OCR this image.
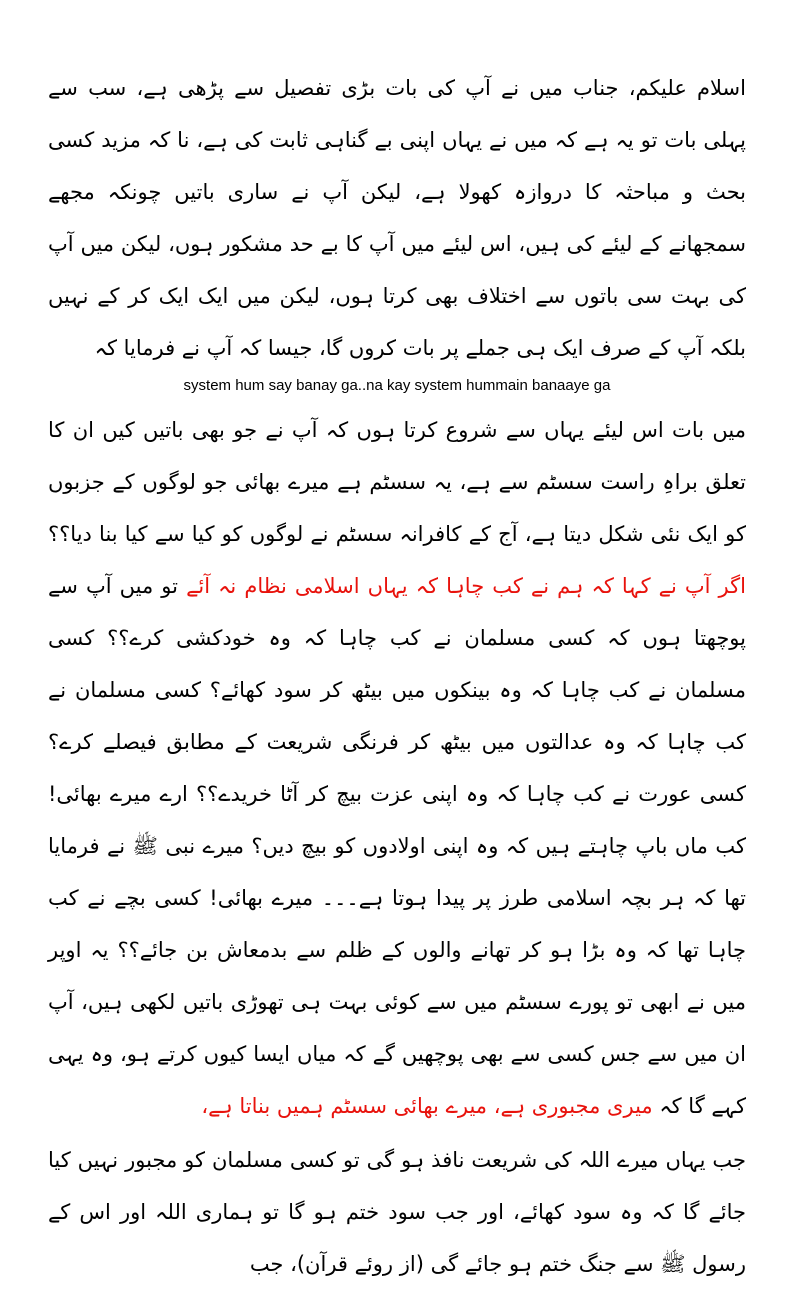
اسلام علیکم، جناب میں نے آپ کی بات بڑی تفصیل سے پڑھی ہے، سب سے پہلی بات تو یہ ہے کہ میں نے یہاں اپنی بے گناہی ثابت کی ہے، نا کہ مزید کسی بحث و مباحثہ کا دروازہ کھولا ہے، لیکن آپ نے ساری باتیں چونکہ مجھے سمجھانے کے لیئے کی ہیں، اس لیئے میں آپ کا بے حد مشکور ہوں، لیکن میں آپ کی بہت سی باتوں سے اختلاف بھی کرتا ہوں، لیکن میں ایک ایک کر کے نہیں بلکہ آپ کے صرف ایک ہی جملے پر بات کروں گا، جیسا کہ آپ نے فرمایا کہ

system hum say banay ga..na kay system hummain banaaye ga

میں بات اس لیئے یہاں سے شروع کرتا ہوں کہ آپ نے جو بھی باتیں کیں ان کا تعلق براہِ راست سسٹم سے ہے، یہ سسٹم ہے میرے بھائی جو لوگوں کے جزبوں کو ایک نئی شکل دیتا ہے، آج کے کافرانہ سسٹم نے لوگوں کو کیا سے کیا بنا دیا؟؟ اگر آپ نے کہا کہ ہم نے کب چاہا کہ یہاں اسلامی نظام نہ آئے تو میں آپ سے پوچھتا ہوں کہ کسی مسلمان نے کب چاہا کہ وہ خودکشی کرے؟؟ کسی مسلمان نے کب چاہا کہ وہ بینکوں میں بیٹھ کر سود کھائے؟ کسی مسلمان نے کب چاہا کہ وہ عدالتوں میں بیٹھ کر فرنگی شریعت کے مطابق فیصلے کرے؟ کسی عورت نے کب چاہا کہ وہ اپنی عزت بیچ کر آٹا خریدے؟؟ ارے میرے بھائی! کب ماں باپ چاہتے ہیں کہ وہ اپنی اولادوں کو بیچ دیں؟ میرے نبی ﷺ نے فرمایا تھا کہ ہر بچہ اسلامی طرز پر پیدا ہوتا ہے۔۔۔ میرے بھائی! کسی بچے نے کب چاہا تھا کہ وہ بڑا ہو کر تھانے والوں کے ظلم سے بدمعاش بن جائے؟؟ یہ اوپر میں نے ابھی تو پورے سسٹم میں سے کوئی بہت ہی تھوڑی باتیں لکھی ہیں، آپ ان میں سے جس کسی سے بھی پوچھیں گے کہ میاں ایسا کیوں کرتے ہو، وہ یہی کہے گا کہ میری مجبوری ہے، میرے بھائی سسٹم ہمیں بناتا ہے،

جب یہاں میرے اللہ کی شریعت نافذ ہو گی تو کسی مسلمان کو مجبور نہیں کیا جائے گا کہ وہ سود کھائے، اور جب سود ختم ہو گا تو ہماری اللہ اور اس کے رسول ﷺ سے جنگ ختم ہو جائے گی (از روئے قرآن)، جب
